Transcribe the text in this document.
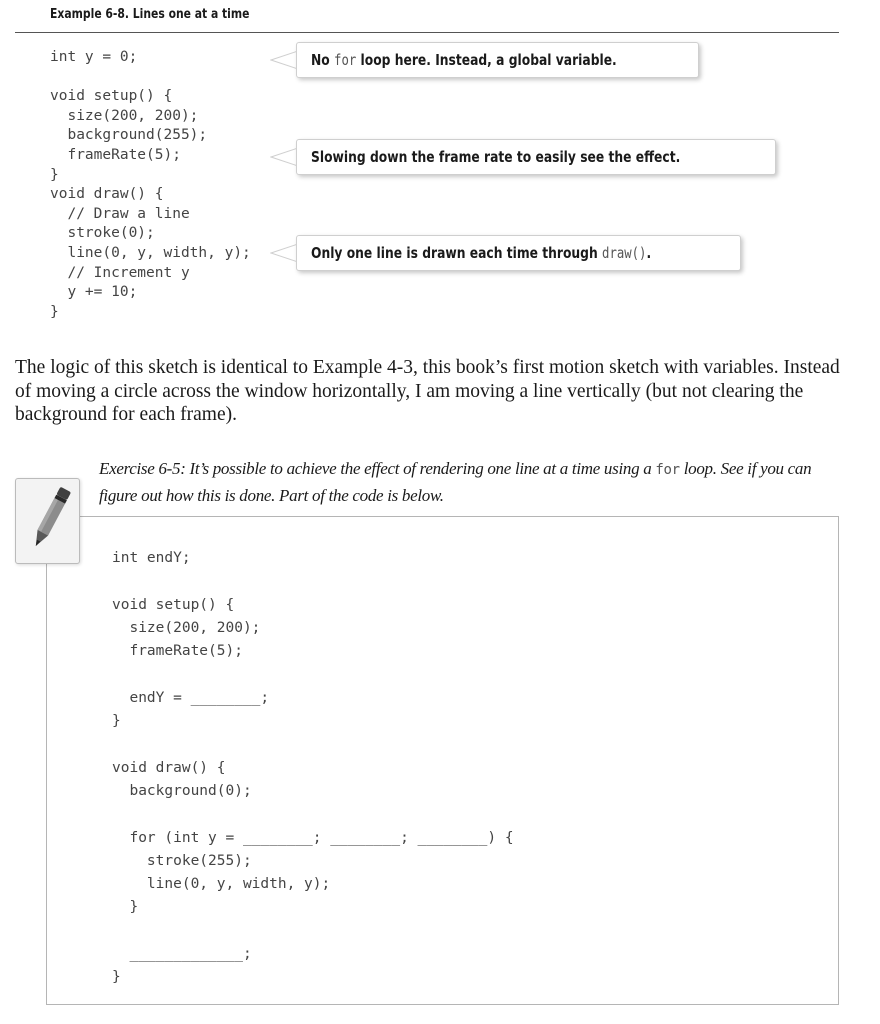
Example 6-8. Lines one at a time
int y = 0;

void setup() {
size(200, 200);
background(255);
frameRate(5);
}
void draw() {
// Draw a line
stroke(0);
line(0, y, width, y);
// Increment y
y += 10;
}
No for loop here. Instead, a global variable.
Slowing down the frame rate to easily see the effect.
Only one line is drawn each time through draw().

The logic of this sketch is identical to Example 4-3, this book’s first motion sketch with variables. Instead of moving a circle across the window horizontally, I am moving a line vertically (but not clearing the background for each frame).

Exercise 6-5: It’s possible to achieve the effect of rendering one line at a time using a for loop. See if you can figure out how this is done. Part of the code is below.

int endY;

void setup() {
size(200, 200);
frameRate(5);

endY = ________;
}

void draw() {
background(0);

for (int y = ________; ________; ________) {
stroke(255);
line(0, y, width, y);
}

_____________;
}
